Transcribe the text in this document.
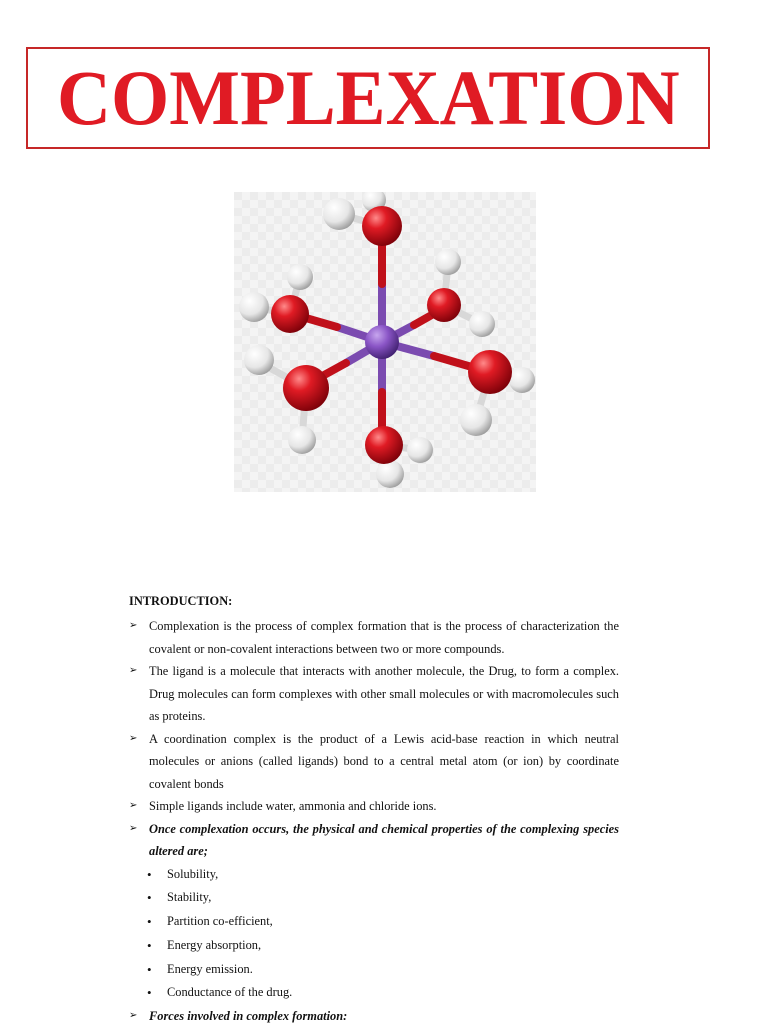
COMPLEXATION
INTRODUCTION:
➢ Complexation is the process of complex formation that is the process of characterization the covalent or non-covalent interactions between two or more compounds.
➢ The ligand is a molecule that interacts with another molecule, the Drug, to form a complex. Drug molecules can form complexes with other small molecules or with macromolecules such as proteins.
➢ A coordination complex is the product of a Lewis acid-base reaction in which neutral molecules or anions (called ligands) bond to a central metal atom (or ion) by coordinate covalent bonds
➢ Simple ligands include water, ammonia and chloride ions.
➢ Once complexation occurs, the physical and chemical properties of the complexing species altered are;
• Solubility,
• Stability,
• Partition co-efficient,
• Energy absorption,
• Energy emission.
• Conductance of the drug.
➢ Forces involved in complex formation:
